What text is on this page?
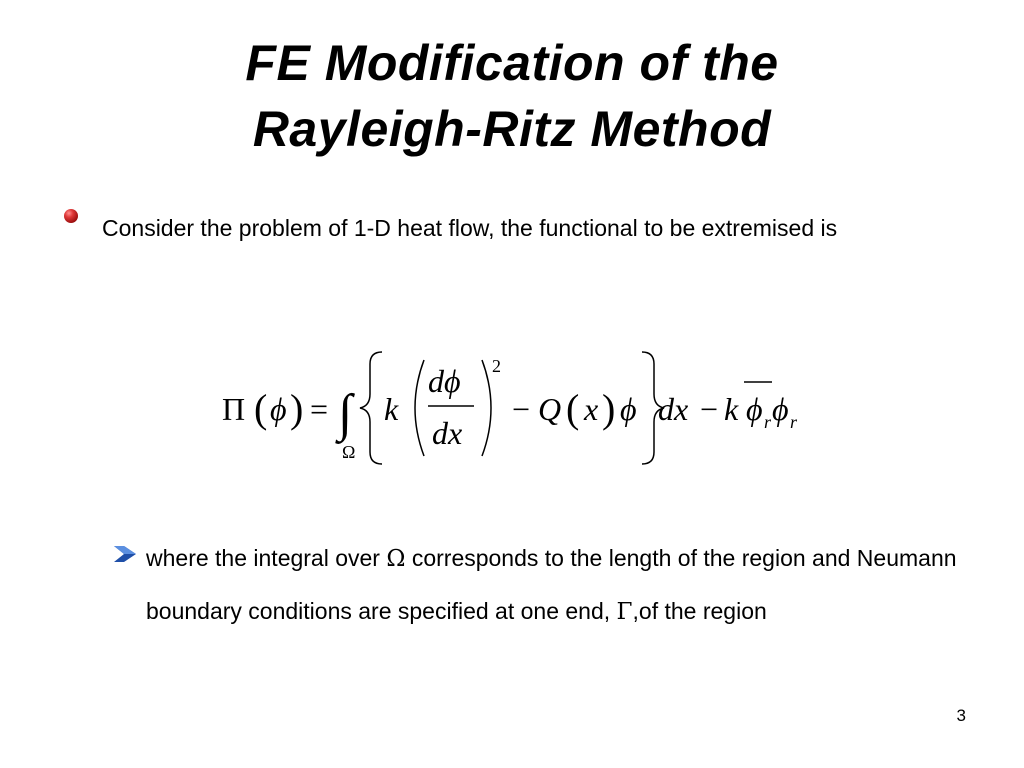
FE Modification of the
Rayleigh-Ritz Method
Consider the problem of 1-D heat flow, the functional to be extremised is
Π ( ϕ ) = ∫
Ω
k
dϕ
dx
2
− Q ( x ) ϕ dx − k ϕ r ϕ r
where the integral over Ω corresponds to the length of the region and Neumann boundary conditions are specified at one end, Γ,of the region
3
